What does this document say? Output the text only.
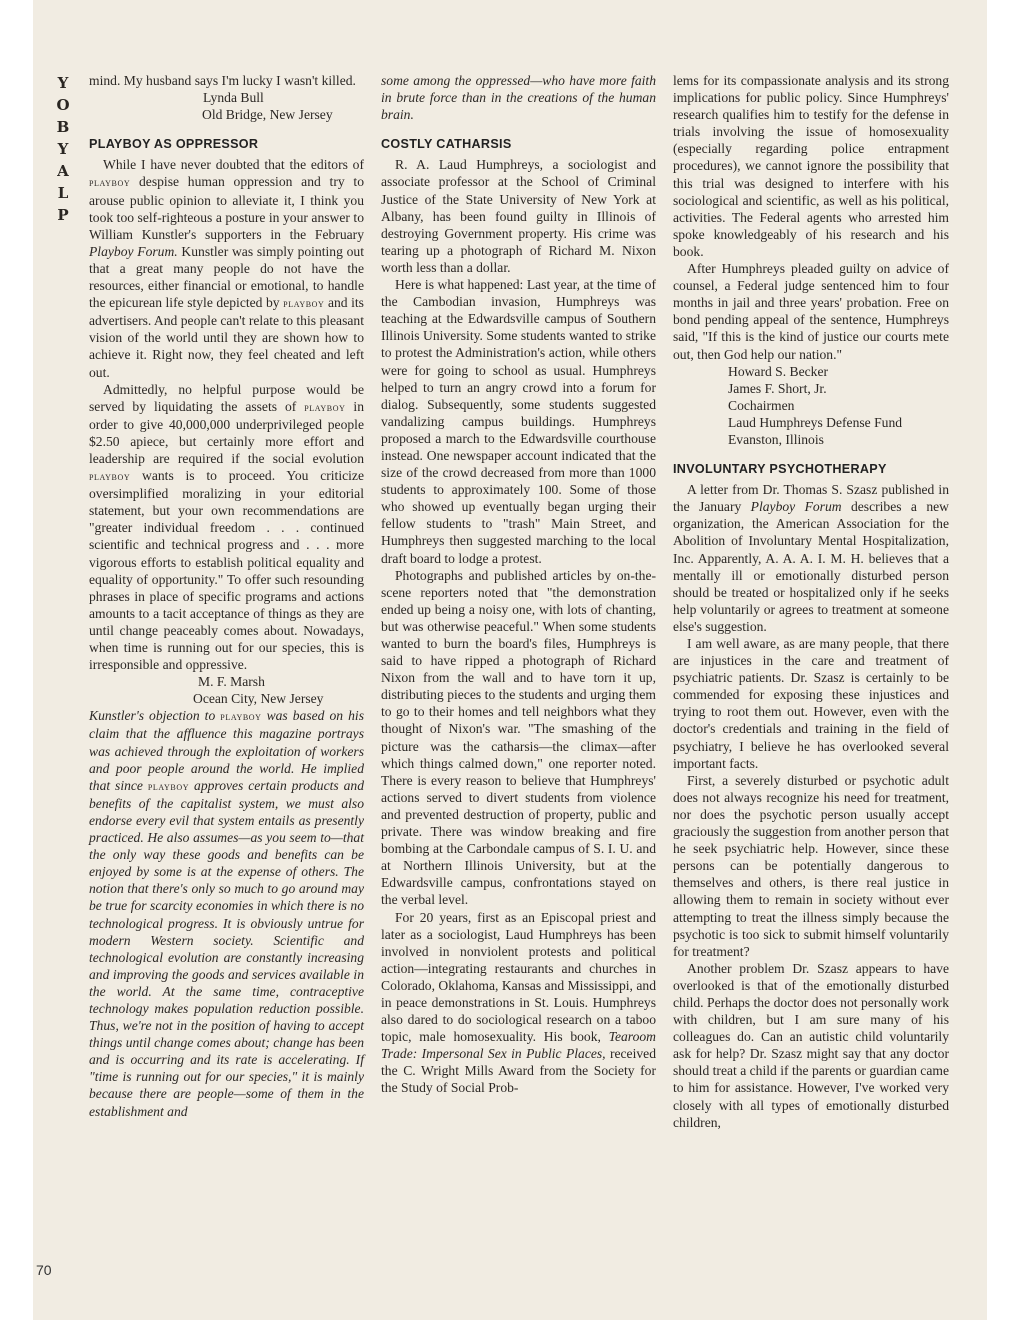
Y
O
B
Y
A
L
P
70

mind. My husband says I'm lucky I wasn't killed.

Lynda Bull
Old Bridge, New Jersey

PLAYBOY AS OPPRESSOR

While I have never doubted that the editors of playboy despise human oppression and try to arouse public opinion to alleviate it, I think you took too self-righteous a posture in your answer to William Kunstler's supporters in the February Playboy Forum. Kunstler was simply pointing out that a great many people do not have the resources, either financial or emotional, to handle the epicurean life style depicted by playboy and its advertisers. And people can't relate to this pleasant vision of the world until they are shown how to achieve it. Right now, they feel cheated and left out.

Admittedly, no helpful purpose would be served by liquidating the assets of playboy in order to give 40,000,000 underprivileged people $2.50 apiece, but certainly more effort and leadership are required if the social evolution playboy wants is to proceed. You criticize oversimplified moralizing in your editorial statement, but your own recommendations are "greater individual freedom . . . continued scientific and technical progress and . . . more vigorous efforts to establish political equality and equality of opportunity." To offer such resounding phrases in place of specific programs and actions amounts to a tacit acceptance of things as they are until change peaceably comes about. Nowadays, when time is running out for our species, this is irresponsible and oppressive.

M. F. Marsh
Ocean City, New Jersey

Kunstler's objection to playboy was based on his claim that the affluence this magazine portrays was achieved through the exploitation of workers and poor people around the world. He implied that since playboy approves certain products and benefits of the capitalist system, we must also endorse every evil that system entails as presently practiced. He also assumes—as you seem to—that the only way these goods and benefits can be enjoyed by some is at the expense of others. The notion that there's only so much to go around may be true for scarcity economies in which there is no technological progress. It is obviously untrue for modern Western society. Scientific and technological evolution are constantly increasing and improving the goods and services available in the world. At the same time, contraceptive technology makes population reduction possible. Thus, we're not in the position of having to accept things until change comes about; change has been and is occurring and its rate is accelerating. If "time is running out for our species," it is mainly because there are people—some of them in the establishment and

some among the oppressed—who have more faith in brute force than in the creations of the human brain.

COSTLY CATHARSIS

R. A. Laud Humphreys, a sociologist and associate professor at the School of Criminal Justice of the State University of New York at Albany, has been found guilty in Illinois of destroying Government property. His crime was tearing up a photograph of Richard M. Nixon worth less than a dollar.

Here is what happened: Last year, at the time of the Cambodian invasion, Humphreys was teaching at the Edwardsville campus of Southern Illinois University. Some students wanted to strike to protest the Administration's action, while others were for going to school as usual. Humphreys helped to turn an angry crowd into a forum for dialog. Subsequently, some students suggested vandalizing campus buildings. Humphreys proposed a march to the Edwardsville courthouse instead. One newspaper account indicated that the size of the crowd decreased from more than 1000 students to approximately 100. Some of those who showed up eventually began urging their fellow students to "trash" Main Street, and Humphreys then suggested marching to the local draft board to lodge a protest.

Photographs and published articles by on-the-scene reporters noted that "the demonstration ended up being a noisy one, with lots of chanting, but was otherwise peaceful." When some students wanted to burn the board's files, Humphreys is said to have ripped a photograph of Richard Nixon from the wall and to have torn it up, distributing pieces to the students and urging them to go to their homes and tell neighbors what they thought of Nixon's war. "The smashing of the picture was the catharsis—the climax—after which things calmed down," one reporter noted. There is every reason to believe that Humphreys' actions served to divert students from violence and prevented destruction of property, public and private. There was window breaking and fire bombing at the Carbondale campus of S. I. U. and at Northern Illinois University, but at the Edwardsville campus, confrontations stayed on the verbal level.

For 20 years, first as an Episcopal priest and later as a sociologist, Laud Humphreys has been involved in nonviolent protests and political action—integrating restaurants and churches in Colorado, Oklahoma, Kansas and Mississippi, and in peace demonstrations in St. Louis. Humphreys also dared to do sociological research on a taboo topic, male homosexuality. His book, Tearoom Trade: Impersonal Sex in Public Places, received the C. Wright Mills Award from the Society for the Study of Social Prob-

lems for its compassionate analysis and its strong implications for public policy. Since Humphreys' research qualifies him to testify for the defense in trials involving the issue of homosexuality (especially regarding police entrapment procedures), we cannot ignore the possibility that this trial was designed to interfere with his sociological and scientific, as well as his political, activities. The Federal agents who arrested him spoke knowledgeably of his research and his book.

After Humphreys pleaded guilty on advice of counsel, a Federal judge sentenced him to four months in jail and three years' probation. Free on bond pending appeal of the sentence, Humphreys said, "If this is the kind of justice our courts mete out, then God help our nation."

Howard S. Becker
James F. Short, Jr.
Cochairmen
Laud Humphreys Defense Fund
Evanston, Illinois

INVOLUNTARY PSYCHOTHERAPY

A letter from Dr. Thomas S. Szasz published in the January Playboy Forum describes a new organization, the American Association for the Abolition of Involuntary Mental Hospitalization, Inc. Apparently, A. A. A. I. M. H. believes that a mentally ill or emotionally disturbed person should be treated or hospitalized only if he seeks help voluntarily or agrees to treatment at someone else's suggestion.

I am well aware, as are many people, that there are injustices in the care and treatment of psychiatric patients. Dr. Szasz is certainly to be commended for exposing these injustices and trying to root them out. However, even with the doctor's credentials and training in the field of psychiatry, I believe he has overlooked several important facts.

First, a severely disturbed or psychotic adult does not always recognize his need for treatment, nor does the psychotic person usually accept graciously the suggestion from another person that he seek psychiatric help. However, since these persons can be potentially dangerous to themselves and others, is there real justice in allowing them to remain in society without ever attempting to treat the illness simply because the psychotic is too sick to submit himself voluntarily for treatment?

Another problem Dr. Szasz appears to have overlooked is that of the emotionally disturbed child. Perhaps the doctor does not personally work with children, but I am sure many of his colleagues do. Can an autistic child voluntarily ask for help? Dr. Szasz might say that any doctor should treat a child if the parents or guardian came to him for assistance. However, I've worked very closely with all types of emotionally disturbed children,
